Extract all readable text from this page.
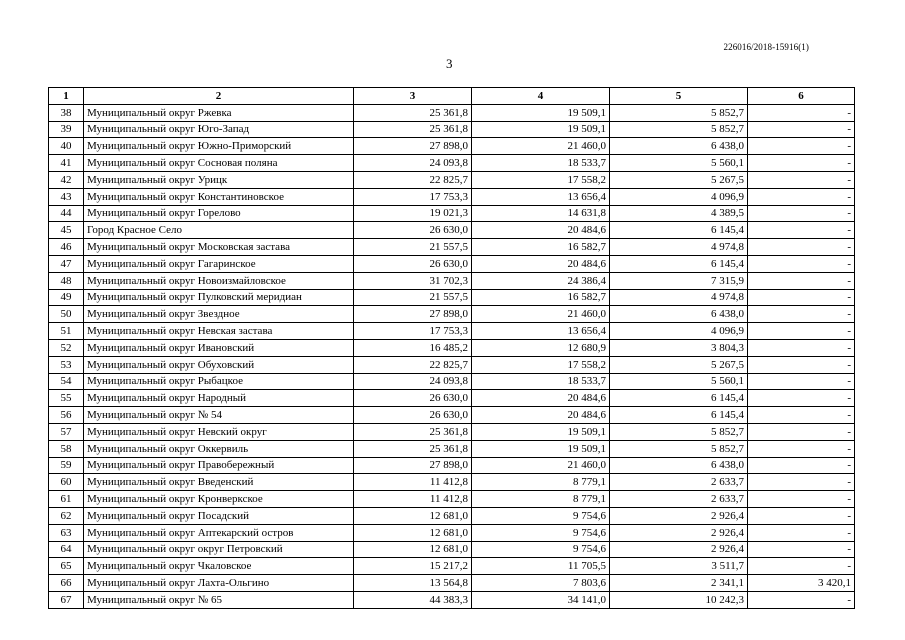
226016/2018-15916(1)
3
1	2	3	4	5	6
38	Муниципальный округ Ржевка	25 361,8	19 509,1	5 852,7	-
39	Муниципальный округ Юго-Запад	25 361,8	19 509,1	5 852,7	-
40	Муниципальный округ Южно-Приморский	27 898,0	21 460,0	6 438,0	-
41	Муниципальный округ Сосновая поляна	24 093,8	18 533,7	5 560,1	-
42	Муниципальный округ Урицк	22 825,7	17 558,2	5 267,5	-
43	Муниципальный округ Константиновское	17 753,3	13 656,4	4 096,9	-
44	Муниципальный округ Горелово	19 021,3	14 631,8	4 389,5	-
45	Город Красное Село	26 630,0	20 484,6	6 145,4	-
46	Муниципальный округ Московская застава	21 557,5	16 582,7	4 974,8	-
47	Муниципальный округ Гагаринское	26 630,0	20 484,6	6 145,4	-
48	Муниципальный округ Новоизмайловское	31 702,3	24 386,4	7 315,9	-
49	Муниципальный округ Пулковский меридиан	21 557,5	16 582,7	4 974,8	-
50	Муниципальный округ Звездное	27 898,0	21 460,0	6 438,0	-
51	Муниципальный округ Невская застава	17 753,3	13 656,4	4 096,9	-
52	Муниципальный округ Ивановский	16 485,2	12 680,9	3 804,3	-
53	Муниципальный округ Обуховский	22 825,7	17 558,2	5 267,5	-
54	Муниципальный округ Рыбацкое	24 093,8	18 533,7	5 560,1	-
55	Муниципальный округ Народный	26 630,0	20 484,6	6 145,4	-
56	Муниципальный округ № 54	26 630,0	20 484,6	6 145,4	-
57	Муниципальный округ Невский округ	25 361,8	19 509,1	5 852,7	-
58	Муниципальный округ Оккервиль	25 361,8	19 509,1	5 852,7	-
59	Муниципальный округ Правобережный	27 898,0	21 460,0	6 438,0	-
60	Муниципальный округ Введенский	11 412,8	8 779,1	2 633,7	-
61	Муниципальный округ Кронверкское	11 412,8	8 779,1	2 633,7	-
62	Муниципальный округ Посадский	12 681,0	9 754,6	2 926,4	-
63	Муниципальный округ Аптекарский остров	12 681,0	9 754,6	2 926,4	-
64	Муниципальный округ округ Петровский	12 681,0	9 754,6	2 926,4	-
65	Муниципальный округ Чкаловское	15 217,2	11 705,5	3 511,7	-
66	Муниципальный округ Лахта-Ольгино	13 564,8	7 803,6	2 341,1	3 420,1
67	Муниципальный округ № 65	44 383,3	34 141,0	10 242,3	-
